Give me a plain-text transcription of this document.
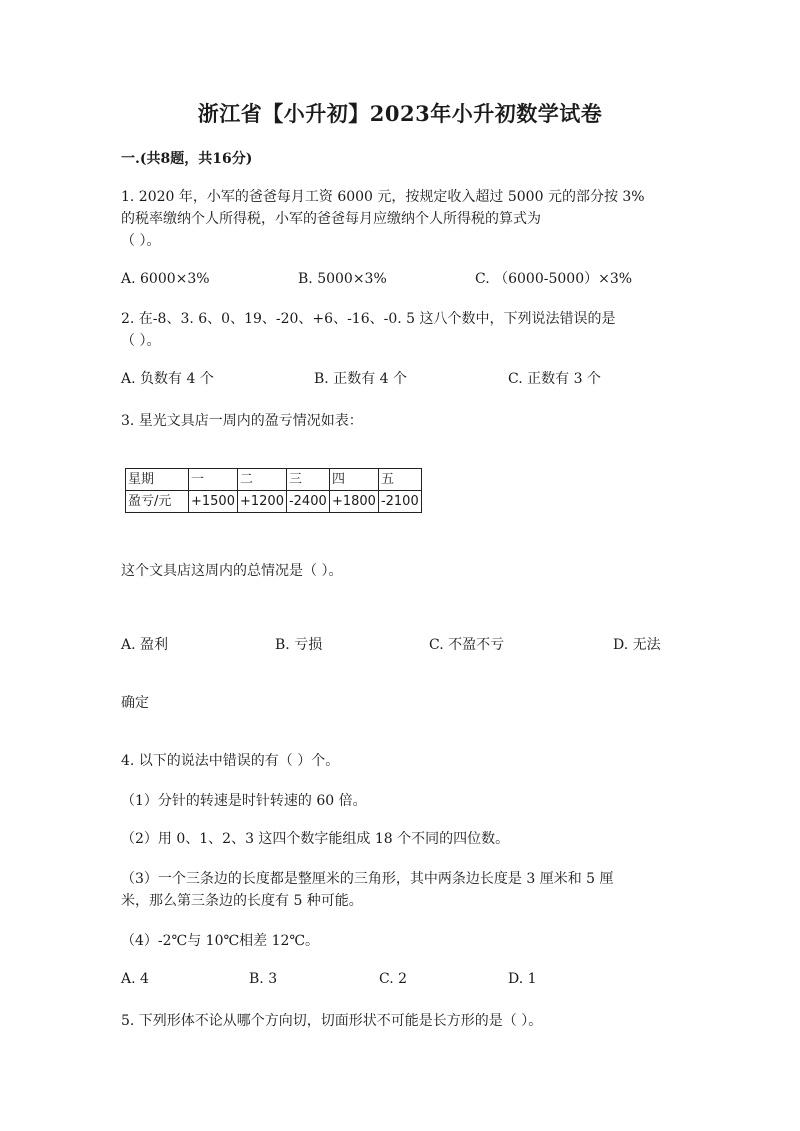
浙江省【小升初】2023年小升初数学试卷
一.(共8题，共16分)
1. 2020 年，小军的爸爸每月工资 6000 元，按规定收入超过 5000 元的部分按 3%
的税率缴纳个人所得税，小军的爸爸每月应缴纳个人所得税的算式为
（ ）。
A. 6000×3%	B. 5000×3%	C. （6000-5000）×3%
2. 在-8、3. 6、0、19、-20、+6、-16、-0. 5 这八个数中，下列说法错误的是
（ ）。
A. 负数有 4 个	B. 正数有 4 个	C. 正数有 3 个
3. 星光文具店一周内的盈亏情况如表：
星期	一	二	三	四	五
盈亏/元	+1500	+1200	-2400	+1800	-2100
这个文具店这周内的总情况是（ ）。
A. 盈利	B. 亏损	C. 不盈不亏	D. 无法
确定
4. 以下的说法中错误的有（ ）个。
（1）分针的转速是时针转速的 60 倍。
（2）用 0、1、2、3 这四个数字能组成 18 个不同的四位数。
（3）一个三条边的长度都是整厘米的三角形，其中两条边长度是 3 厘米和 5 厘
米，那么第三条边的长度有 5 种可能。
（4）-2℃与 10℃相差 12℃。
A. 4	B. 3	C. 2	D. 1
5. 下列形体不论从哪个方向切，切面形状不可能是长方形的是（ ）。
